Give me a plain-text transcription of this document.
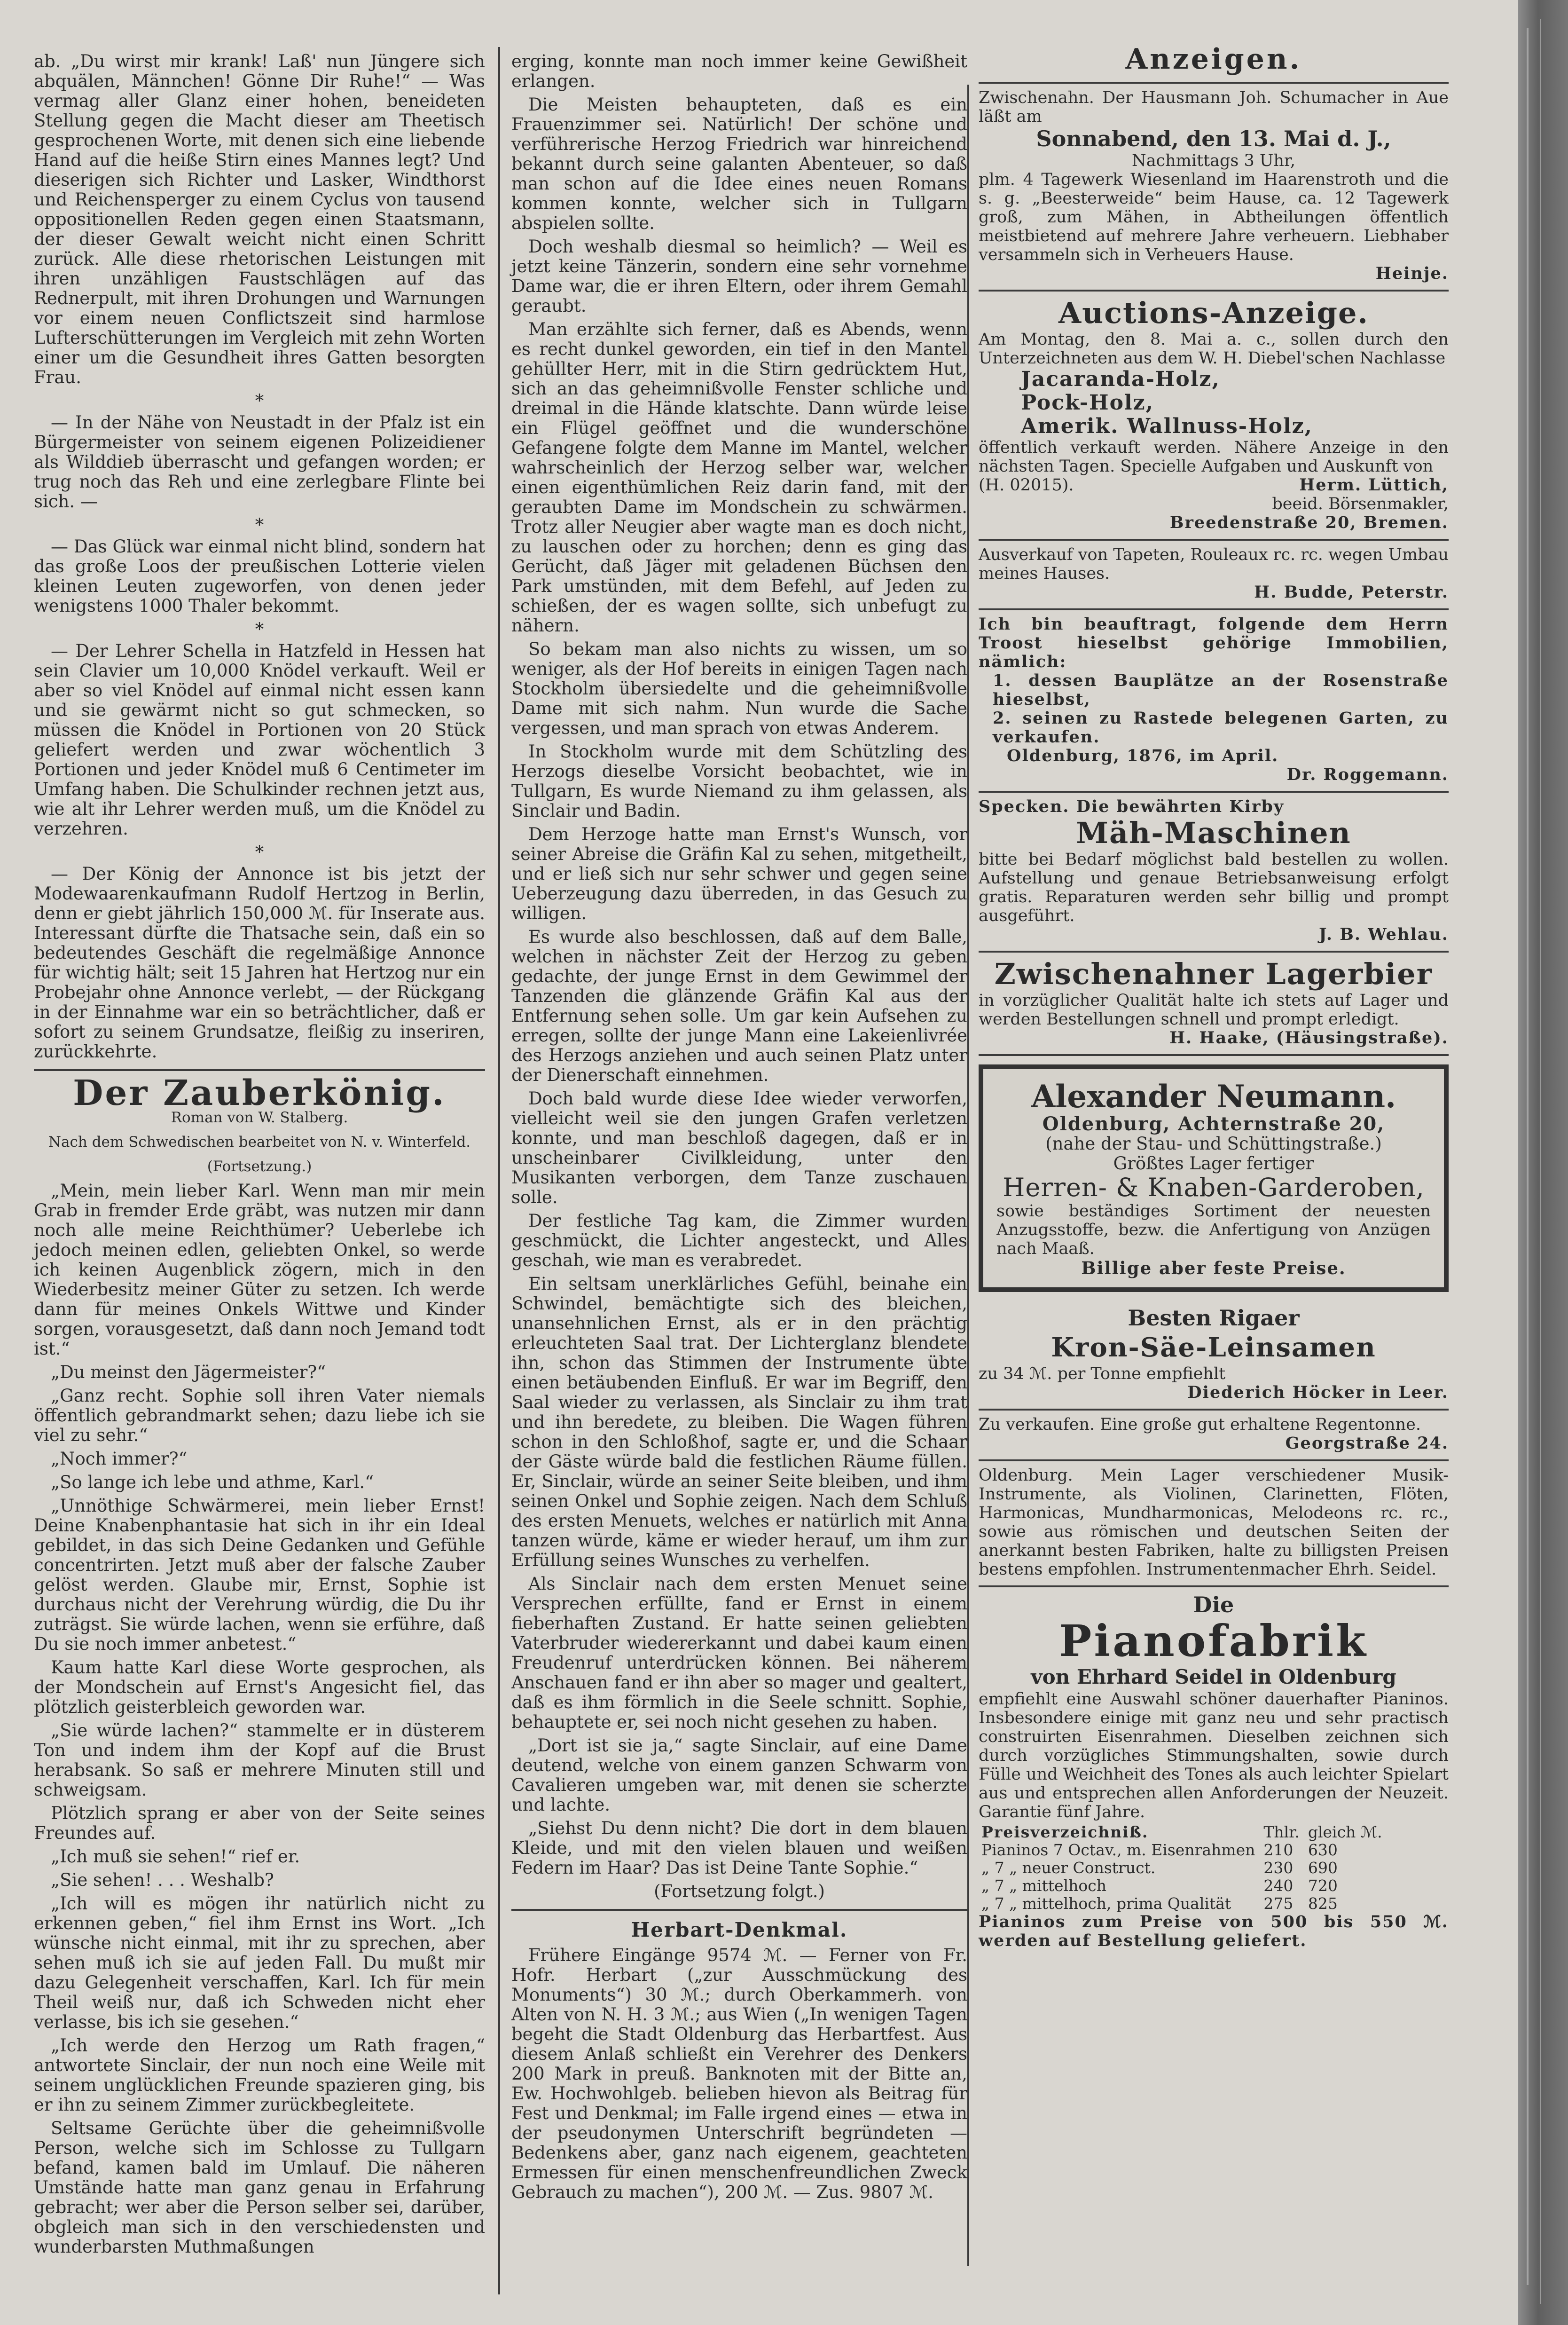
ab. „Du wirst mir krank! Laß' nun Jüngere sich abquälen, Männchen! Gönne Dir Ruhe!“ — Was vermag aller Glanz einer hohen, beneideten Stellung gegen die Macht dieser am Theetisch gesprochenen Worte, mit denen sich eine liebende Hand auf die heiße Stirn eines Mannes legt? Und dieserigen sich Richter und Lasker, Windthorst und Reichensperger zu einem Cyclus von tausend oppositionellen Reden gegen einen Staatsmann, der dieser Gewalt weicht nicht einen Schritt zurück. Alle diese rhetorischen Leistungen mit ihren unzähligen Faustschlägen auf das Rednerpult, mit ihren Drohungen und Warnungen vor einem neuen Conflictszeit sind harmlose Lufterschütterungen im Vergleich mit zehn Worten einer um die Gesundheit ihres Gatten besorgten Frau.

*

— In der Nähe von Neustadt in der Pfalz ist ein Bürgermeister von seinem eigenen Polizeidiener als Wilddieb überrascht und gefangen worden; er trug noch das Reh und eine zerlegbare Flinte bei sich. —

*

— Das Glück war einmal nicht blind, sondern hat das große Loos der preußischen Lotterie vielen kleinen Leuten zugeworfen, von denen jeder wenigstens 1000 Thaler bekommt.

*

— Der Lehrer Schella in Hatzfeld in Hessen hat sein Clavier um 10,000 Knödel verkauft. Weil er aber so viel Knödel auf einmal nicht essen kann und sie gewärmt nicht so gut schmecken, so müssen die Knödel in Portionen von 20 Stück geliefert werden und zwar wöchentlich 3 Portionen und jeder Knödel muß 6 Centimeter im Umfang haben. Die Schulkinder rechnen jetzt aus, wie alt ihr Lehrer werden muß, um die Knödel zu verzehren.

*

— Der König der Annonce ist bis jetzt der Modewaarenkaufmann Rudolf Hertzog in Berlin, denn er giebt jährlich 150,000 ℳ. für Inserate aus. Interessant dürfte die Thatsache sein, daß ein so bedeutendes Geschäft die regelmäßige Annonce für wichtig hält; seit 15 Jahren hat Hertzog nur ein Probejahr ohne Annonce verlebt, — der Rückgang in der Einnahme war ein so beträchtlicher, daß er sofort zu seinem Grundsatze, fleißig zu inseriren, zurückkehrte.

Der Zauberkönig.
Roman von W. Stalberg.
Nach dem Schwedischen bearbeitet von N. v. Winterfeld.
(Fortsetzung.)

„Mein, mein lieber Karl. Wenn man mir mein Grab in fremder Erde gräbt, was nutzen mir dann noch alle meine Reichthümer? Ueberlebe ich jedoch meinen edlen, geliebten Onkel, so werde ich keinen Augenblick zögern, mich in den Wiederbesitz meiner Güter zu setzen. Ich werde dann für meines Onkels Wittwe und Kinder sorgen, vorausgesetzt, daß dann noch Jemand todt ist.“

„Du meinst den Jägermeister?“

„Ganz recht. Sophie soll ihren Vater niemals öffentlich gebrandmarkt sehen; dazu liebe ich sie viel zu sehr.“

„Noch immer?“

„So lange ich lebe und athme, Karl.“

„Unnöthige Schwärmerei, mein lieber Ernst! Deine Knabenphantasie hat sich in ihr ein Ideal gebildet, in das sich Deine Gedanken und Gefühle concentrirten. Jetzt muß aber der falsche Zauber gelöst werden. Glaube mir, Ernst, Sophie ist durchaus nicht der Verehrung würdig, die Du ihr zuträgst. Sie würde lachen, wenn sie erführe, daß Du sie noch immer anbetest.“

Kaum hatte Karl diese Worte gesprochen, als der Mondschein auf Ernst's Angesicht fiel, das plötzlich geisterbleich geworden war.

„Sie würde lachen?“ stammelte er in düsterem Ton und indem ihm der Kopf auf die Brust herabsank. So saß er mehrere Minuten still und schweigsam.

Plötzlich sprang er aber von der Seite seines Freundes auf.

„Ich muß sie sehen!“ rief er.

„Sie sehen! . . . Weshalb?

„Ich will es mögen ihr natürlich nicht zu erkennen geben,“ fiel ihm Ernst ins Wort. „Ich wünsche nicht einmal, mit ihr zu sprechen, aber sehen muß ich sie auf jeden Fall. Du mußt mir dazu Gelegenheit verschaffen, Karl. Ich für mein Theil weiß nur, daß ich Schweden nicht eher verlasse, bis ich sie gesehen.“

„Ich werde den Herzog um Rath fragen,“ antwortete Sinclair, der nun noch eine Weile mit seinem unglücklichen Freunde spazieren ging, bis er ihn zu seinem Zimmer zurückbegleitete.

Seltsame Gerüchte über die geheimnißvolle Person, welche sich im Schlosse zu Tullgarn befand, kamen bald im Umlauf. Die näheren Umstände hatte man ganz genau in Erfahrung gebracht; wer aber die Person selber sei, darüber, obgleich man sich in den verschiedensten und wunderbarsten Muthmaßungen

erging, konnte man noch immer keine Gewißheit erlangen.

Die Meisten behaupteten, daß es ein Frauenzimmer sei. Natürlich! Der schöne und verführerische Herzog Friedrich war hinreichend bekannt durch seine galanten Abenteuer, so daß man schon auf die Idee eines neuen Romans kommen konnte, welcher sich in Tullgarn abspielen sollte.

Doch weshalb diesmal so heimlich? — Weil es jetzt keine Tänzerin, sondern eine sehr vornehme Dame war, die er ihren Eltern, oder ihrem Gemahl geraubt.

Man erzählte sich ferner, daß es Abends, wenn es recht dunkel geworden, ein tief in den Mantel gehüllter Herr, mit in die Stirn gedrücktem Hut, sich an das geheimnißvolle Fenster schliche und dreimal in die Hände klatschte. Dann würde leise ein Flügel geöffnet und die wunderschöne Gefangene folgte dem Manne im Mantel, welcher wahrscheinlich der Herzog selber war, welcher einen eigenthümlichen Reiz darin fand, mit der geraubten Dame im Mondschein zu schwärmen. Trotz aller Neugier aber wagte man es doch nicht, zu lauschen oder zu horchen; denn es ging das Gerücht, daß Jäger mit geladenen Büchsen den Park umstünden, mit dem Befehl, auf Jeden zu schießen, der es wagen sollte, sich unbefugt zu nähern.

So bekam man also nichts zu wissen, um so weniger, als der Hof bereits in einigen Tagen nach Stockholm übersiedelte und die geheimnißvolle Dame mit sich nahm. Nun wurde die Sache vergessen, und man sprach von etwas Anderem.

In Stockholm wurde mit dem Schützling des Herzogs dieselbe Vorsicht beobachtet, wie in Tullgarn, Es wurde Niemand zu ihm gelassen, als Sinclair und Badin.

Dem Herzoge hatte man Ernst's Wunsch, vor seiner Abreise die Gräfin Kal zu sehen, mitgetheilt, und er ließ sich nur sehr schwer und gegen seine Ueberzeugung dazu überreden, in das Gesuch zu willigen.

Es wurde also beschlossen, daß auf dem Balle, welchen in nächster Zeit der Herzog zu geben gedachte, der junge Ernst in dem Gewimmel der Tanzenden die glänzende Gräfin Kal aus der Entfernung sehen solle. Um gar kein Aufsehen zu erregen, sollte der junge Mann eine Lakeienlivrée des Herzogs anziehen und auch seinen Platz unter der Dienerschaft einnehmen.

Doch bald wurde diese Idee wieder verworfen, vielleicht weil sie den jungen Grafen verletzen konnte, und man beschloß dagegen, daß er in unscheinbarer Civilkleidung, unter den Musikanten verborgen, dem Tanze zuschauen solle.

Der festliche Tag kam, die Zimmer wurden geschmückt, die Lichter angesteckt, und Alles geschah, wie man es verabredet.

Ein seltsam unerklärliches Gefühl, beinahe ein Schwindel, bemächtigte sich des bleichen, unansehnlichen Ernst, als er in den prächtig erleuchteten Saal trat. Der Lichterglanz blendete ihn, schon das Stimmen der Instrumente übte einen betäubenden Einfluß. Er war im Begriff, den Saal wieder zu verlassen, als Sinclair zu ihm trat und ihn beredete, zu bleiben. Die Wagen führen schon in den Schloßhof, sagte er, und die Schaar der Gäste würde bald die festlichen Räume füllen. Er, Sinclair, würde an seiner Seite bleiben, und ihm seinen Onkel und Sophie zeigen. Nach dem Schluß des ersten Menuets, welches er natürlich mit Anna tanzen würde, käme er wieder herauf, um ihm zur Erfüllung seines Wunsches zu verhelfen.

Als Sinclair nach dem ersten Menuet seine Versprechen erfüllte, fand er Ernst in einem fieberhaften Zustand. Er hatte seinen geliebten Vaterbruder wiedererkannt und dabei kaum einen Freudenruf unterdrücken können. Bei näherem Anschauen fand er ihn aber so mager und gealtert, daß es ihm förmlich in die Seele schnitt. Sophie, behauptete er, sei noch nicht gesehen zu haben.

„Dort ist sie ja,“ sagte Sinclair, auf eine Dame deutend, welche von einem ganzen Schwarm von Cavalieren umgeben war, mit denen sie scherzte und lachte.

„Siehst Du denn nicht? Die dort in dem blauen Kleide, und mit den vielen blauen und weißen Federn im Haar? Das ist Deine Tante Sophie.“

(Fortsetzung folgt.)
Herbart-Denkmal.

Frühere Eingänge 9574 ℳ. — Ferner von Fr. Hofr. Herbart („zur Ausschmückung des Monuments“) 30 ℳ.; durch Oberkammerh. von Alten von N. H. 3 ℳ.; aus Wien („In wenigen Tagen begeht die Stadt Oldenburg das Herbartfest. Aus diesem Anlaß schließt ein Verehrer des Denkers 200 Mark in preuß. Banknoten mit der Bitte an, Ew. Hochwohlgeb. belieben hievon als Beitrag für Fest und Denkmal; im Falle irgend eines — etwa in der pseudonymen Unterschrift begründeten — Bedenkens aber, ganz nach eigenem, geachteten Ermessen für einen menschenfreundlichen Zweck Gebrauch zu machen“), 200 ℳ. — Zus. 9807 ℳ.

Anzeigen.
Zwischenahn. Der Hausmann Joh. Schumacher in Aue läßt am
Sonnabend, den 13. Mai d. J.,
Nachmittags 3 Uhr,
plm. 4 Tagewerk Wiesenland im Haarenstroth und die s. g. „Beesterweide“ beim Hause, ca. 12 Tagewerk groß, zum Mähen, in Abtheilungen öffentlich meistbietend auf mehrere Jahre verheuern. Liebhaber versammeln sich in Verheuers Hause.
Heinje.
Auctions-Anzeige.
Am Montag, den 8. Mai a. c., sollen durch den Unterzeichneten aus dem W. H. Diebel'schen Nachlasse
Jacaranda-Holz,
Pock-Holz,
Amerik. Wallnuss-Holz,
öffentlich verkauft werden. Nähere Anzeige in den nächsten Tagen. Specielle Aufgaben und Auskunft von
(H. 02015).	Herm. Lüttich,
beeid. Börsenmakler,
Breedenstraße 20, Bremen.
Ausverkauf von Tapeten, Rouleaux rc. rc. wegen Umbau meines Hauses.
H. Budde, Peterstr.
Ich bin beauftragt, folgende dem Herrn Troost hieselbst gehörige Immobilien, nämlich:
1. dessen Bauplätze an der Rosenstraße hieselbst,
2. seinen zu Rastede belegenen Garten, zu verkaufen.
Oldenburg, 1876, im April.
Dr. Roggemann.
Specken. Die bewährten Kirby
Mäh-Maschinen
bitte bei Bedarf möglichst bald bestellen zu wollen. Aufstellung und genaue Betriebsanweisung erfolgt gratis. Reparaturen werden sehr billig und prompt ausgeführt.
J. B. Wehlau.
Zwischenahner Lagerbier
in vorzüglicher Qualität halte ich stets auf Lager und werden Bestellungen schnell und prompt erledigt.
H. Haake, (Häusingstraße).
Alexander Neumann.
Oldenburg, Achternstraße 20,
(nahe der Stau- und Schüttingstraße.)
Größtes Lager fertiger
Herren- & Knaben-Garderoben,
sowie beständiges Sortiment der neuesten Anzugsstoffe, bezw. die Anfertigung von Anzügen nach Maaß.
Billige aber feste Preise.
Besten Rigaer
Kron-Säe-Leinsamen
zu 34 ℳ. per Tonne empfiehlt
Diederich Höcker in Leer.
Zu verkaufen. Eine große gut erhaltene Regentonne.
Georgstraße 24.
Oldenburg. Mein Lager verschiedener Musik-Instrumente, als Violinen, Clarinetten, Flöten, Harmonicas, Mundharmonicas, Melodeons rc. rc., sowie aus römischen und deutschen Seiten der anerkannt besten Fabriken, halte zu billigsten Preisen bestens empfohlen. Instrumentenmacher Ehrh. Seidel.
Die
Pianofabrik
von Ehrhard Seidel in Oldenburg
empfiehlt eine Auswahl schöner dauerhafter Pianinos. Insbesondere einige mit ganz neu und sehr practisch construirten Eisenrahmen. Dieselben zeichnen sich durch vorzügliches Stimmungshalten, sowie durch Fülle und Weichheit des Tones als auch leichter Spielart aus und entsprechen allen Anforderungen der Neuzeit. Garantie fünf Jahre.
Preisverzeichniß.	Thlr.	gleich ℳ.
Pianinos 7 Octav., m. Eisenrahmen	210	630
„ 7 „ neuer Construct.	230	690
„ 7 „ mittelhoch	240	720
„ 7 „ mittelhoch, prima Qualität	275	825
Pianinos zum Preise von 500 bis 550 ℳ. werden auf Bestellung geliefert.
